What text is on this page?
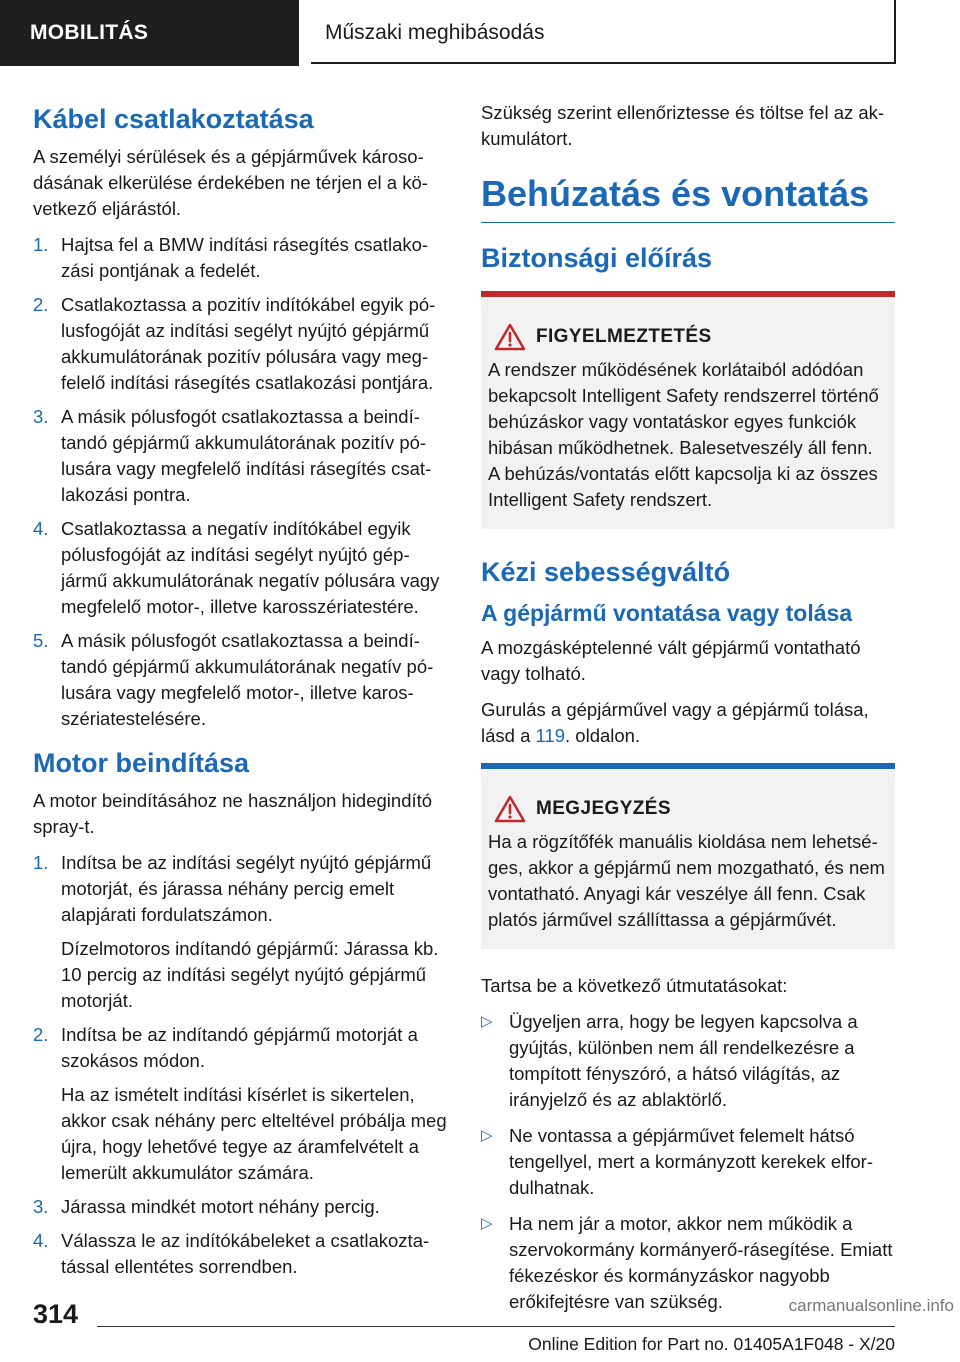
MOBILITÁS	Műszaki meghibásodás
Kábel csatlakoztatása

A személyi sérülések és a gépjárművek károsodásának elkerülése érdekében ne térjen el a következő eljárástól.

1. Hajtsa fel a BMW indítási rásegítés csatlakozási pontjának a fedelét.
2. Csatlakoztassa a pozitív indítókábel egyik pólusfogóját az indítási segélyt nyújtó gépjármű akkumulátorának pozitív pólusára vagy megfelelő indítási rásegítés csatlakozási pontjára.
3. A másik pólusfogót csatlakoztassa a beindítandó gépjármű akkumulátorának pozitív pólusára vagy megfelelő indítási rásegítés csatlakozási pontra.
4. Csatlakoztassa a negatív indítókábel egyik pólusfogóját az indítási segélyt nyújtó gépjármű akkumulátorának negatív pólusára vagy megfelelő motor-, illetve karosszériatestére.
5. A másik pólusfogót csatlakoztassa a beindítandó gépjármű akkumulátorának negatív pólusára vagy megfelelő motor-, illetve karosszériatestelésére.
Motor beindítása

A motor beindításához ne használjon hidegindító spray-t.

1. Indítsa be az indítási segélyt nyújtó gépjármű motorját, és járassa néhány percig emelt alapjárati fordulatszámon.
Dízelmotoros indítandó gépjármű: Járassa kb. 10 percig az indítási segélyt nyújtó gépjármű motorját.
2. Indítsa be az indítandó gépjármű motorját a szokásos módon.
Ha az ismételt indítási kísérlet is sikertelen, akkor csak néhány perc elteltével próbálja meg újra, hogy lehetővé tegye az áramfelvételt a lemerült akkumulátor számára.
3. Járassa mindkét motort néhány percig.
4. Válassza le az indítókábeleket a csatlakoztatással ellentétes sorrendben.

Szükség szerint ellenőriztesse és töltse fel az akkumulátort.

Behúzatás és vontatás
Biztonsági előírás
FIGYELMEZTETÉS

A rendszer működésének korlátaiból adódóan bekapcsolt Intelligent Safety rendszerrel történő behúzáskor vagy vontatáskor egyes funkciók hibásan működhetnek. Balesetveszély áll fenn. A behúzás/vontatás előtt kapcsolja ki az összes Intelligent Safety rendszert.

Kézi sebességváltó
A gépjármű vontatása vagy tolása

A mozgásképtelenné vált gépjármű vontatható vagy tolható.

Gurulás a gépjárművel vagy a gépjármű tolása, lásd a 119. oldalon.

MEGJEGYZÉS

Ha a rögzítőfék manuális kioldása nem lehetséges, akkor a gépjármű nem mozgatható, és nem vontatható. Anyagi kár veszélye áll fenn. Csak platós járművel szállíttassa a gépjárművét.

Tartsa be a következő útmutatásokat:

▷ Ügyeljen arra, hogy be legyen kapcsolva a gyújtás, különben nem áll rendelkezésre a tompított fényszóró, a hátsó világítás, az irányjelző és az ablaktörlő.
▷ Ne vontassa a gépjárművet felemelt hátsó tengellyel, mert a kormányzott kerekek elfordulhatnak.
▷ Ha nem jár a motor, akkor nem működik a szervokormány kormányerő-rásegítése. Emiatt fékezéskor és kormányzáskor nagyobb erőkifejtésre van szükség.
314
Online Edition for Part no. 01405A1F048 - X/20
carmanualsonline.info
